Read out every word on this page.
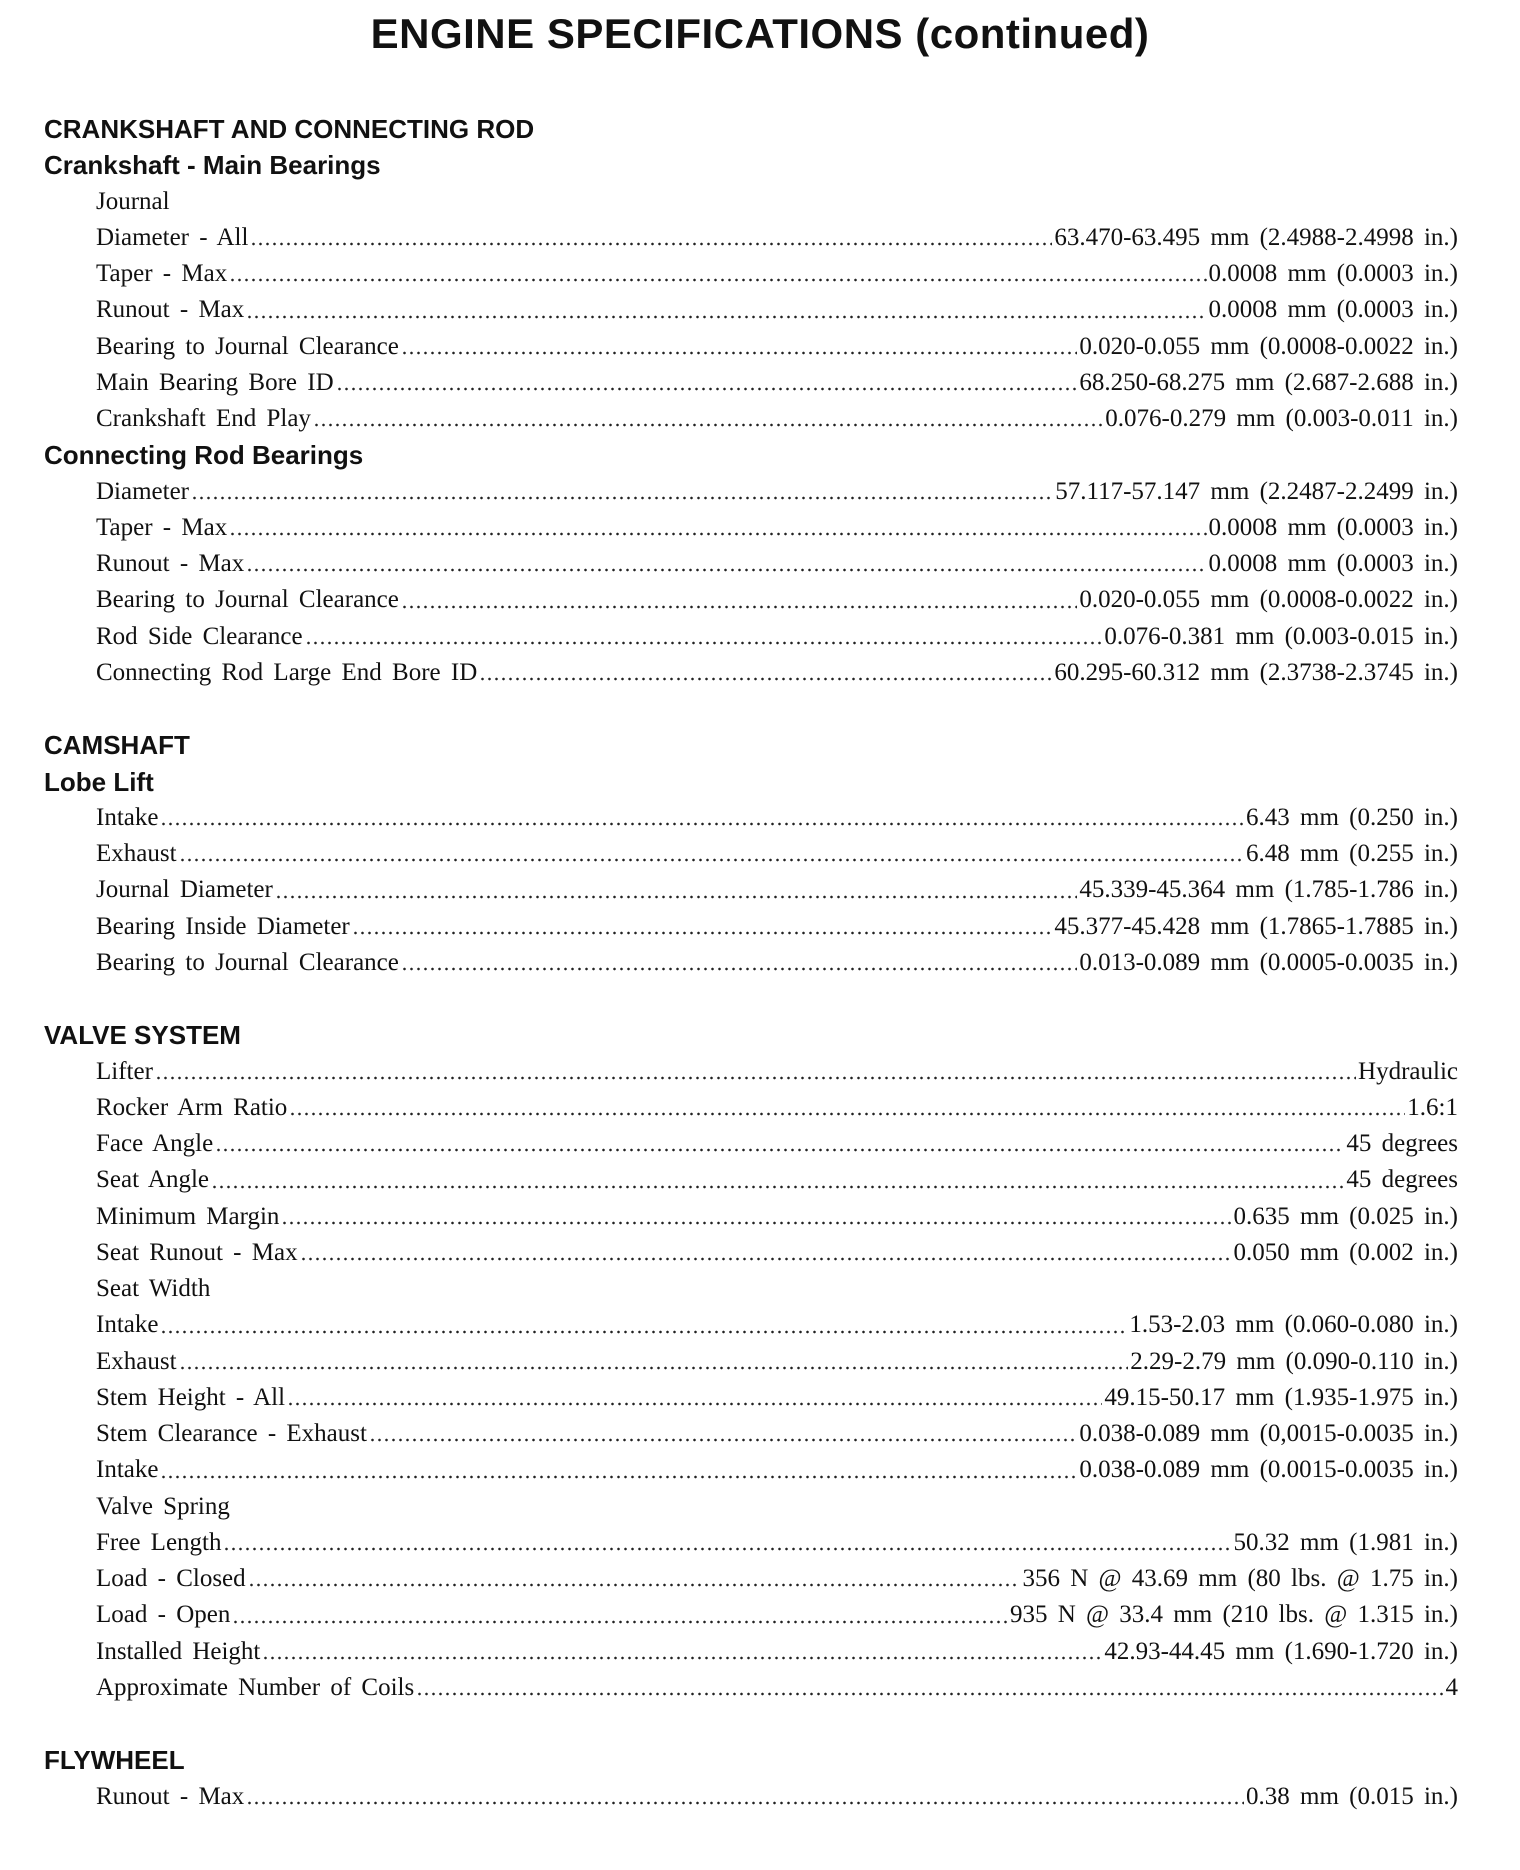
ENGINE SPECIFICATIONS (continued)
CRANKSHAFT AND CONNECTING ROD
Crankshaft - Main Bearings
Journal
Diameter - All	63.470-63.495 mm (2.4988-2.4998 in.)
Taper - Max	0.0008 mm (0.0003 in.)
Runout - Max	0.0008 mm (0.0003 in.)
Bearing to Journal Clearance	0.020-0.055 mm (0.0008-0.0022 in.)
Main Bearing Bore ID	68.250-68.275 mm (2.687-2.688 in.)
Crankshaft End Play	0.076-0.279 mm (0.003-0.011 in.)
Connecting Rod Bearings
Diameter	57.117-57.147 mm (2.2487-2.2499 in.)
Taper - Max	0.0008 mm (0.0003 in.)
Runout - Max	0.0008 mm (0.0003 in.)
Bearing to Journal Clearance	0.020-0.055 mm (0.0008-0.0022 in.)
Rod Side Clearance	0.076-0.381 mm (0.003-0.015 in.)
Connecting Rod Large End Bore ID	60.295-60.312 mm (2.3738-2.3745 in.)
CAMSHAFT
Lobe Lift
Intake	6.43 mm (0.250 in.)
Exhaust	6.48 mm (0.255 in.)
Journal Diameter	45.339-45.364 mm (1.785-1.786 in.)
Bearing Inside Diameter	45.377-45.428 mm (1.7865-1.7885 in.)
Bearing to Journal Clearance	0.013-0.089 mm (0.0005-0.0035 in.)
VALVE SYSTEM
Lifter	Hydraulic
Rocker Arm Ratio	1.6:1
Face Angle	45 degrees
Seat Angle	45 degrees
Minimum Margin	0.635 mm (0.025 in.)
Seat Runout - Max	0.050 mm (0.002 in.)
Seat Width
Intake	1.53-2.03 mm (0.060-0.080 in.)
Exhaust	2.29-2.79 mm (0.090-0.110 in.)
Stem Height - All	49.15-50.17 mm (1.935-1.975 in.)
Stem Clearance - Exhaust	0.038-0.089 mm (0,0015-0.0035 in.)
Intake	0.038-0.089 mm (0.0015-0.0035 in.)
Valve Spring
Free Length	50.32 mm (1.981 in.)
Load - Closed	356 N @ 43.69 mm (80 lbs. @ 1.75 in.)
Load - Open	935 N @ 33.4 mm (210 lbs. @ 1.315 in.)
Installed Height	42.93-44.45 mm (1.690-1.720 in.)
Approximate Number of Coils	4
FLYWHEEL
Runout - Max	0.38 mm (0.015 in.)
